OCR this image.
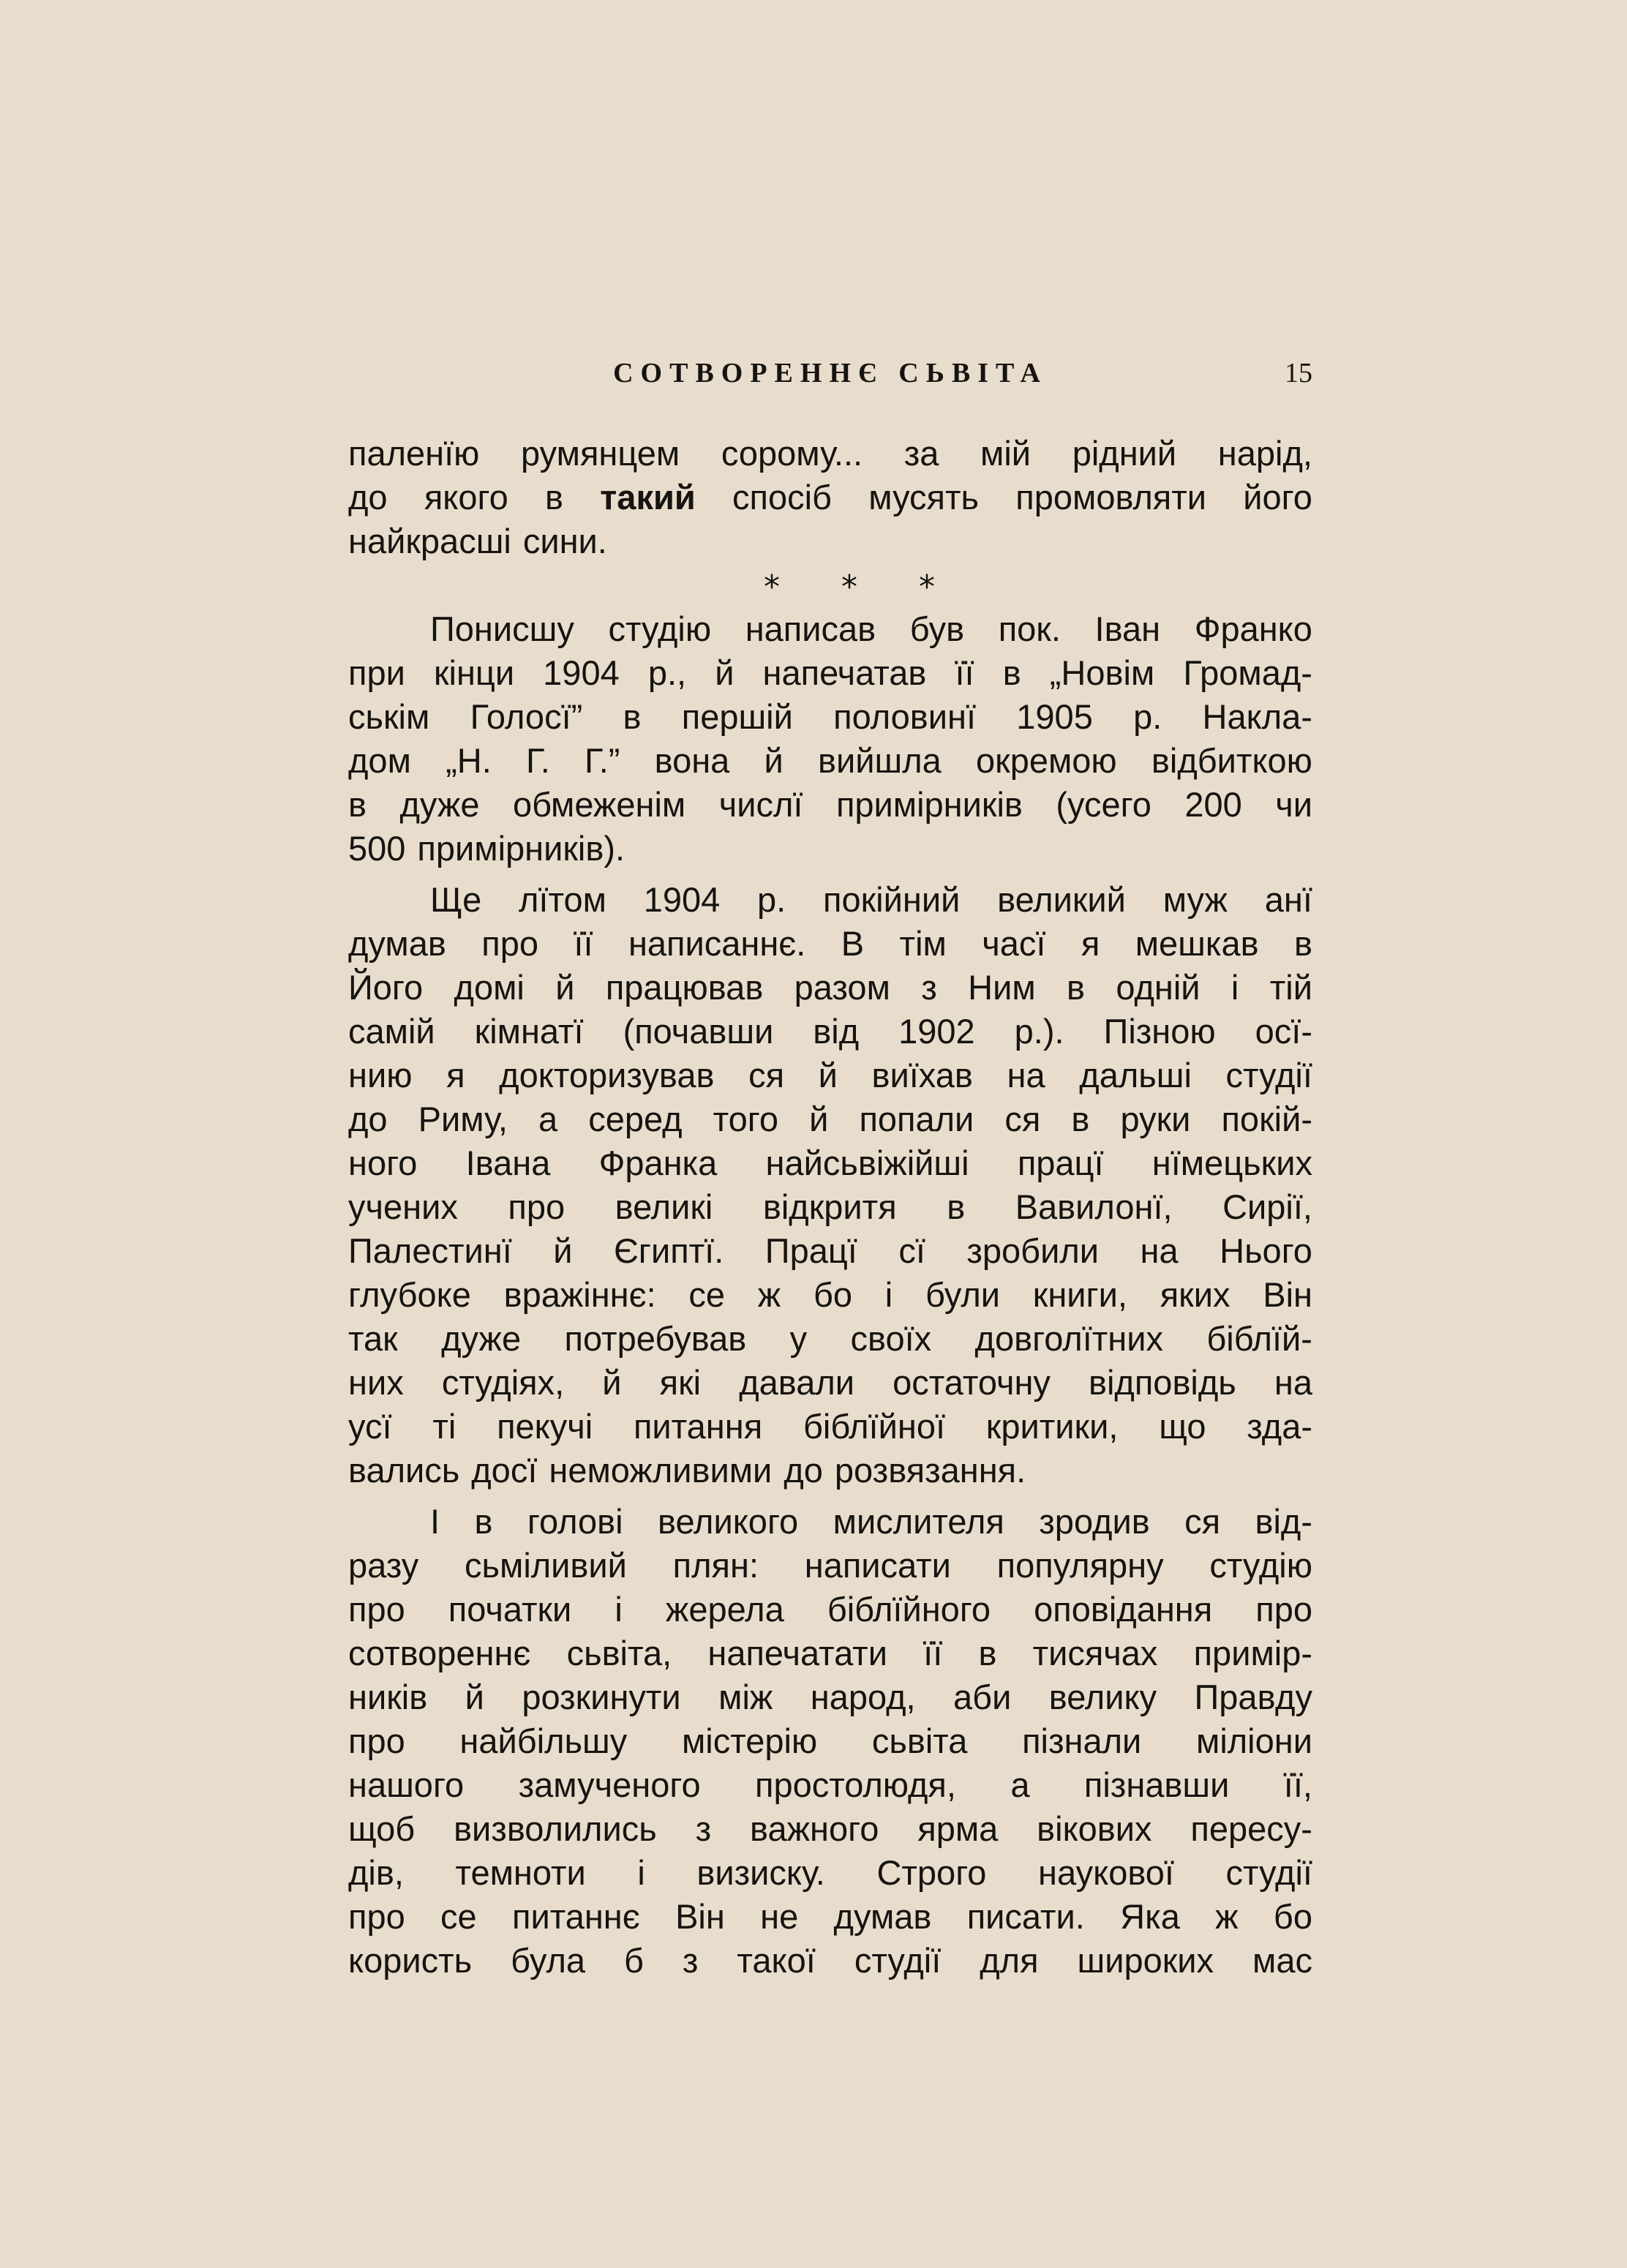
СОТВОРЕННЄ СЬВІТА	15
паленїю румянцем сорому... за мій рідний нарід,
до якого в такий спосіб мусять промовляти його
найкрасші сини.
* * *
Понисшу студію написав був пок. Іван Франко
при кінци 1904 р., й напечатав її в „Новім Громад-
ськім Голосї” в першій половинї 1905 р. Накла-
дом „Н. Г. Г.” вона й вийшла окремою відбиткою
в дуже обмеженім числї примірників (усего 200 чи
500 примірників).
Ще лїтом 1904 р. покійний великий муж анї
думав про її написаннє. В тім часї я мешкав в
Його домі й працював разом з Ним в одній і тій
самій кімнатї (почавши від 1902 р.). Пізною осї-
нию я докторизував ся й виїхав на дальші студії
до Риму, а серед того й попали ся в руки покій-
ного Івана Франка найсьвіжійші працї нїмецьких
учених про великі відкритя в Вавилонї, Сирії,
Палестинї й Єгиптї. Працї сї зробили на Нього
глубоке вражіннє: се ж бо і були книги, яких Він
так дуже потребував у своїх довголїтних біблїй-
них студіях, й які давали остаточну відповідь на
усї ті пекучі питання біблїйної критики, що зда-
вались досї неможливими до розвязання.
І в голові великого мислителя зродив ся від-
разу сьміливий плян: написати популярну студію
про початки і жерела біблїйного оповідання про
сотвореннє сьвіта, напечатати її в тисячах примір-
ників й розкинути між народ, аби велику Правду
про найбільшу містерію сьвіта пізнали міліони
нашого замученого простолюдя, а пізнавши її,
щоб визволились з важного ярма вікових пересу-
дів, темноти і визиску. Строго наукової студії
про се питаннє Він не думав писати. Яка ж бо
користь була б з такої студії для широких мас
